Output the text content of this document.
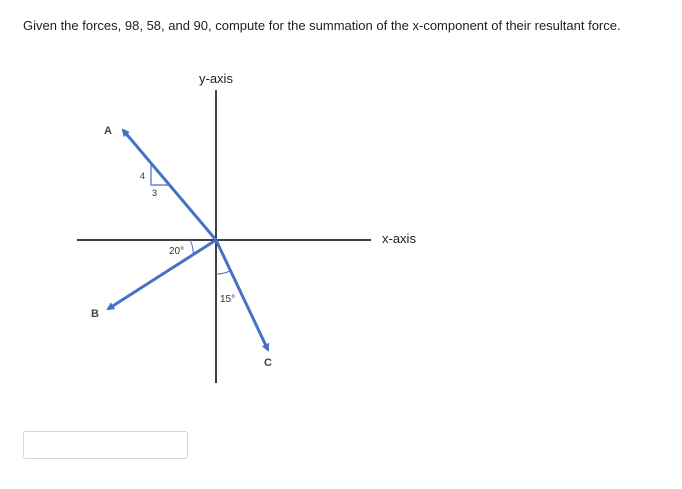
Given the forces, 98, 58, and 90, compute for the summation of the x-component of their resultant force.
y-axis
x-axis
A
4
3
B
20°
C
15°
